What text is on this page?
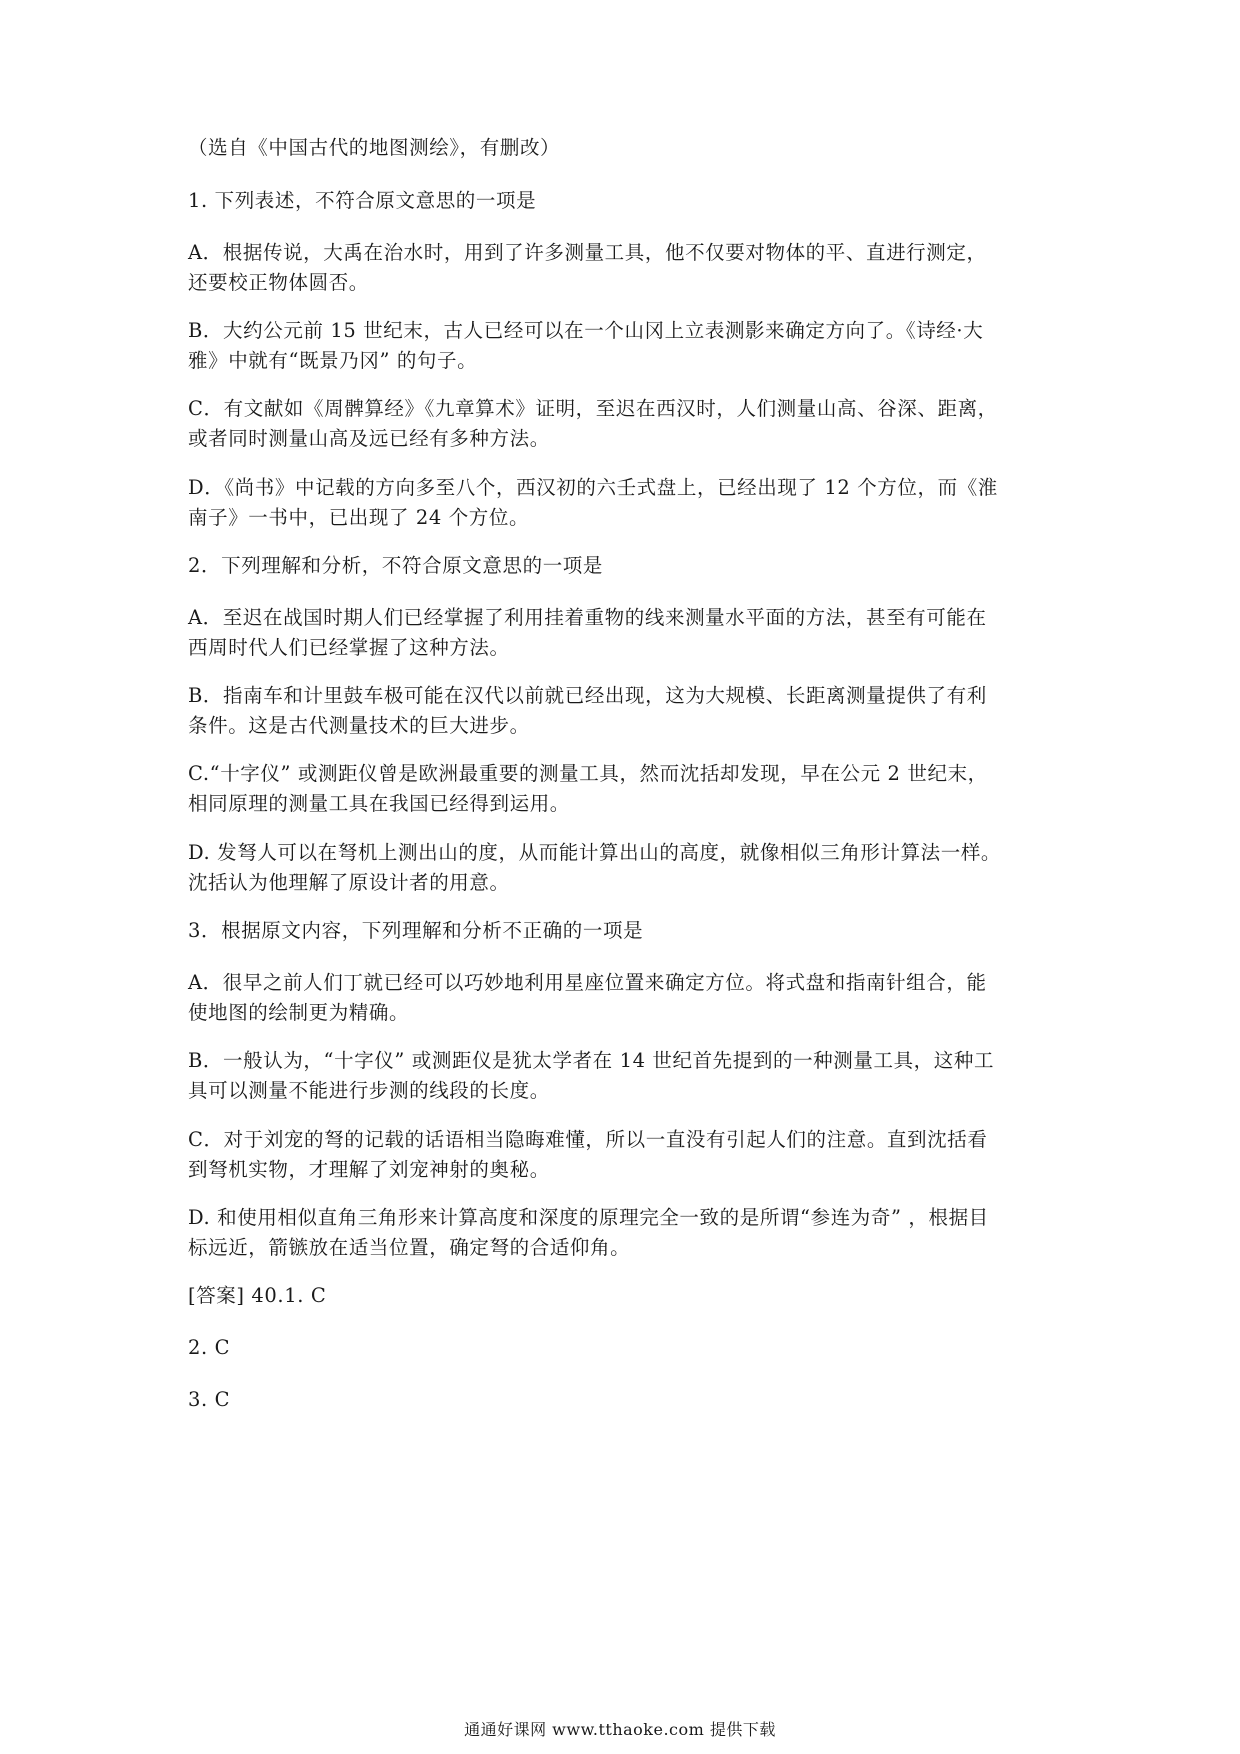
（选自《中国古代的地图测绘》，有删改）
1. 下列表述，不符合原文意思的一项是
A．根据传说，大禹在治水时，用到了许多测量工具，他不仅要对物体的平、直进行测定，
还要校正物体圆否。
B．大约公元前 15 世纪末，古人已经可以在一个山冈上立表测影来确定方向了。《诗经·大
雅》中就有“既景乃冈” 的句子。
C．有文献如《周髀算经》《九章算术》证明，至迟在西汉时，人们测量山高、谷深、距离，
或者同时测量山高及远已经有多种方法。
D．《尚书》中记载的方向多至八个，西汉初的六壬式盘上，已经出现了 12 个方位，而《淮
南子》一书中，已出现了 24 个方位。
2．下列理解和分析，不符合原文意思的一项是
A．至迟在战国时期人们已经掌握了利用挂着重物的线来测量水平面的方法，甚至有可能在
西周时代人们已经掌握了这种方法。
B．指南车和计里鼓车极可能在汉代以前就已经出现，这为大规模、长距离测量提供了有利
条件。这是古代测量技术的巨大进步。
C.“十字仪” 或测距仪曾是欧洲最重要的测量工具，然而沈括却发现，早在公元 2 世纪末，
相同原理的测量工具在我国已经得到运用。
D. 发弩人可以在弩机上测出山的度，从而能计算出山的高度，就像相似三角形计算法一样。
沈括认为他理解了原设计者的用意。
3．根据原文内容，下列理解和分析不正确的一项是
A．很早之前人们丁就已经可以巧妙地利用星座位置来确定方位。将式盘和指南针组合，能
使地图的绘制更为精确。
B．一般认为，“十字仪” 或测距仪是犹太学者在 14 世纪首先提到的一种测量工具，这种工
具可以测量不能进行步测的线段的长度。
C．对于刘宠的弩的记载的话语相当隐晦难懂，所以一直没有引起人们的注意。直到沈括看
到弩机实物，才理解了刘宠神射的奥秘。
D. 和使用相似直角三角形来计算高度和深度的原理完全一致的是所谓“参连为奇” ，根据目
标远近，箭镞放在适当位置，确定弩的合适仰角。
[答案] 40.1. C
2. C
3. C
通通好课网 www.tthaoke.com 提供下载
